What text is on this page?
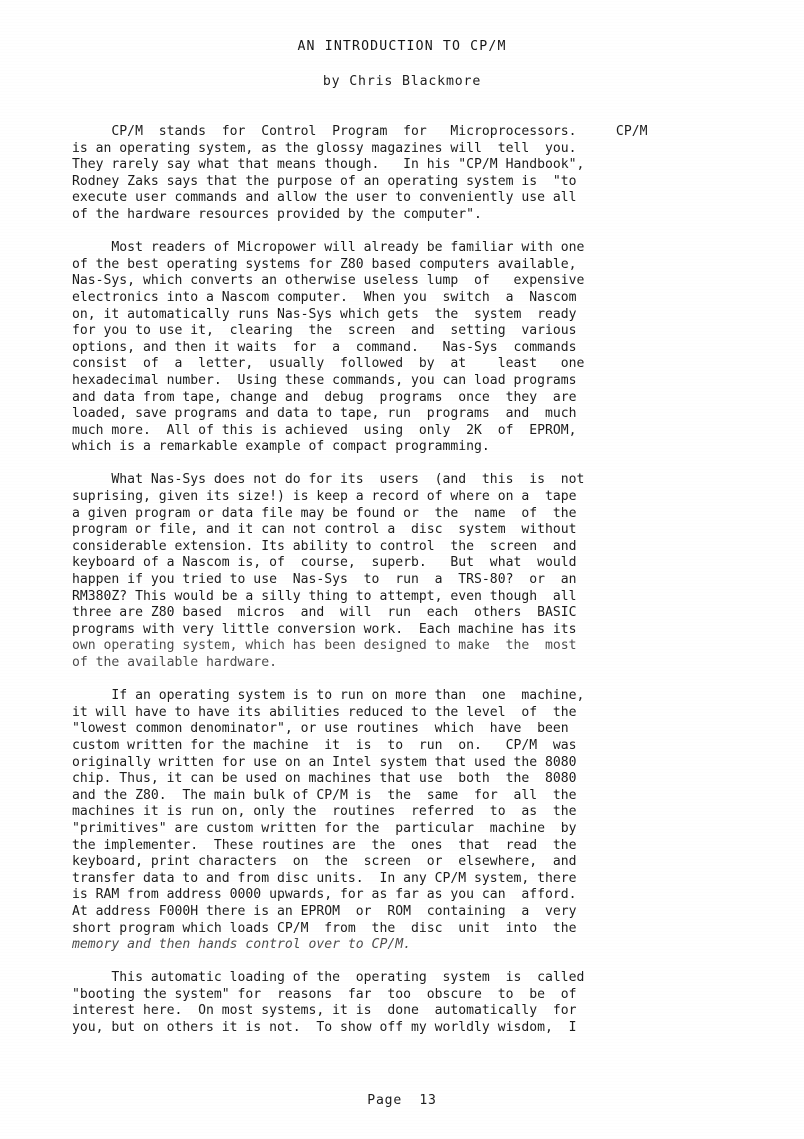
AN INTRODUCTION TO CP/M
by Chris Blackmore
CP/M  stands  for  Control  Program  for   Microprocessors.     CP/M
is an operating system, as the glossy magazines will  tell  you.
They rarely say what that means though.   In his "CP/M Handbook",
Rodney Zaks says that the purpose of an operating system is  "to
execute user commands and allow the user to conveniently use all
of the hardware resources provided by the computer".
Most readers of Micropower will already be familiar with one
of the best operating systems for Z80 based computers available,
Nas-Sys, which converts an otherwise useless lump  of   expensive
electronics into a Nascom computer.  When you  switch  a  Nascom
on, it automatically runs Nas-Sys which gets  the  system  ready
for you to use it,  clearing  the  screen  and  setting  various
options, and then it waits  for  a  command.   Nas-Sys  commands
consist  of  a  letter,  usually  followed  by  at    least   one
hexadecimal number.  Using these commands, you can load programs
and data from tape, change and  debug  programs  once  they  are
loaded, save programs and data to tape, run  programs  and  much
much more.  All of this is achieved  using  only  2K  of  EPROM,
which is a remarkable example of compact programming.
What Nas-Sys does not do for its  users  (and  this  is  not
suprising, given its size!) is keep a record of where on a  tape
a given program or data file may be found or  the  name  of  the
program or file, and it can not control a  disc  system  without
considerable extension. Its ability to control  the  screen  and
keyboard of a Nascom is, of  course,  superb.   But  what  would
happen if you tried to use  Nas-Sys  to  run  a  TRS-80?  or  an
RM380Z? This would be a silly thing to attempt, even though  all
three are Z80 based  micros  and  will  run  each  others  BASIC
programs with very little conversion work.  Each machine has its
own operating system, which has been designed to make  the  most
of the available hardware.
If an operating system is to run on more than  one  machine,
it will have to have its abilities reduced to the level  of  the
"lowest common denominator", or use routines  which  have  been
custom written for the machine  it  is  to  run  on.   CP/M  was
originally written for use on an Intel system that used the 8080
chip. Thus, it can be used on machines that use  both  the  8080
and the Z80.  The main bulk of CP/M is  the  same  for  all  the
machines it is run on, only the  routines  referred  to  as  the
"primitives" are custom written for the  particular  machine  by
the implementer.  These routines are  the  ones  that  read  the
keyboard, print characters  on  the  screen  or  elsewhere,  and
transfer data to and from disc units.  In any CP/M system, there
is RAM from address 0000 upwards, for as far as you can  afford.
At address F000H there is an EPROM  or  ROM  containing  a  very
short program which loads CP/M  from  the  disc  unit  into  the
memory and then hands control over to CP/M.
This automatic loading of the  operating  system  is  called
"booting the system" for  reasons  far  too  obscure  to  be  of
interest here.  On most systems, it is  done  automatically  for
you, but on others it is not.  To show off my worldly wisdom,  I
Page  13
